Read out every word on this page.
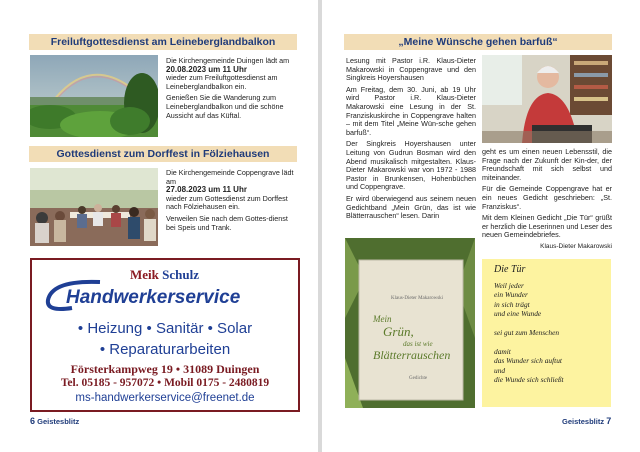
Freiluftgottesdienst am Leineberglandbalkon

Die Kirchengemeinde Duingen lädt am
20.08.2023 um 11 Uhr
wieder zum Freiluftgottesdienst am Leineberglandbalkon ein.

Genießen Sie die Wanderung zum Leineberglandbalkon und die schöne Aussicht auf das Küftal.

Gottesdienst zum Dorffest in Fölziehausen

Die Kirchengemeinde Coppengrave lädt am
27.08.2023 um 11 Uhr
wieder zum Gottesdienst zum Dorffest nach Fölziehausen ein.

Verweilen Sie nach dem Gottes-dienst bei Speis und Trank.

Meik Schulz
Handwerkerservice
• Heizung • Sanitär • Solar
• Reparaturarbeiten
Försterkampweg 19 • 31089 Duingen
Tel. 05185 - 957072 • Mobil 0175 - 2480819
ms-handwerkerservice@freenet.de
6 Geistesblitz
„Meine Wünsche gehen barfuß“

Lesung mit Pastor i.R. Klaus-Dieter Makarowski in Coppengrave und den Singkreis Hoyershausen

Am Freitag, dem 30. Juni, ab 19 Uhr wird Pastor i.R. Klaus-Dieter Makarowski eine Lesung in der St. Franziskuskirche in Coppengrave halten – mit dem Titel „Meine Wün-sche gehen barfuß“.

Der Singkreis Hoyershausen unter Leitung von Gudrun Bosman wird den Abend musikalisch mitgestalten. Klaus-Dieter Makarowski war von 1972 - 1988 Pastor in Brunkensen, Hohenbüchen und Coppengrave.

Er wird überwiegend aus seinem neuen Gedichtband „Mein Grün, das ist wie Blätterrauschen“ lesen. Darin

geht es um einen neuen Lebensstil, die Frage nach der Zukunft der Kin-der, der Freundschaft mit sich selbst und miteinander.

Für die Gemeinde Coppengrave hat er ein neues Gedicht geschrieben: „St. Franziskus“.

Mit dem Kleinen Gedicht „Die Tür“ grüßt er herzlich die Leserinnen und Leser des neuen Gemeindebriefes.

Klaus-Dieter Makarowski

Klaus-Dieter Makarowski
Mein
Grün,
das ist wie
Blätterrauschen
Gedichte
Geistesblitz 7
Die Tür
Weil jeder
ein Wunder
in sich trägt
und eine Wunde
sei gut zum Menschen
damit
das Wunder sich auftut
und
die Wunde sich schließt
